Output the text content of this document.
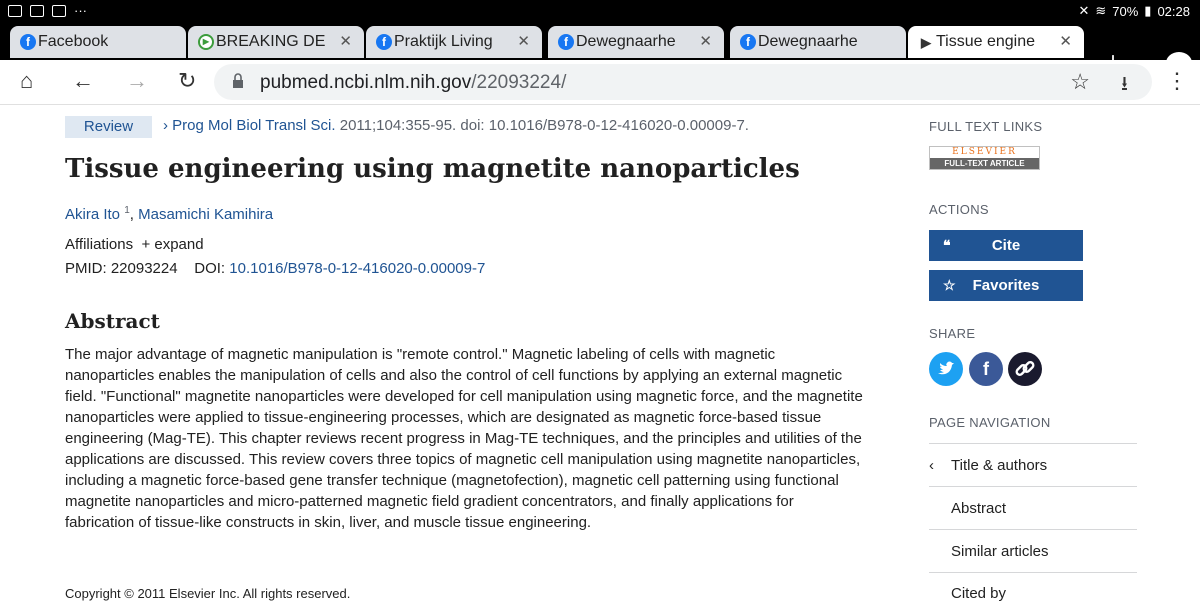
···	✕ ≋ 70% ▮ 02:28
f Facebook	▶ BREAKING DE ✕	f Praktijk Living ✕	f Dewegnaarhe ✕	f Dewegnaarhe	▶ Tissue engine ✕
⌂ ← → ↻	pubmed.ncbi.nlm.nih.gov/22093224/	☆ ⭳ ⋮
Review	› Prog Mol Biol Transl Sci. 2011;104:355-95. doi: 10.1016/B978-0-12-416020-0.00009-7.
Tissue engineering using magnetite nanoparticles
Akira Ito $^1$, Masamichi Kamihira
Affiliations + expand
PMID: 22093224 DOI: 10.1016/B978-0-12-416020-0.00009-7
Abstract
The major advantage of magnetic manipulation is "remote control." Magnetic labeling of cells with magnetic nanoparticles enables the manipulation of cells and also the control of cell functions by applying an external magnetic field. "Functional" magnetite nanoparticles were developed for cell manipulation using magnetic force, and the magnetite nanoparticles were applied to tissue-engineering processes, which are designated as magnetic force-based tissue engineering (Mag-TE). This chapter reviews recent progress in Mag-TE techniques, and the principles and utilities of the applications are discussed. This review covers three topics of magnetic cell manipulation using magnetite nanoparticles, including a magnetic force-based gene transfer technique (magnetofection), magnetic cell patterning using functional magnetite nanoparticles and micro-patterned magnetic field gradient concentrators, and finally applications for fabrication of tissue-like constructs in skin, liver, and muscle tissue engineering.
Copyright © 2011 Elsevier Inc. All rights reserved.
FULL TEXT LINKS
ELSEVIER
FULL-TEXT ARTICLE
ACTIONS
❝	Cite
☆	Favorites
SHARE
f
PAGE NAVIGATION
‹ Title & authors
Abstract
Similar articles
Cited by
